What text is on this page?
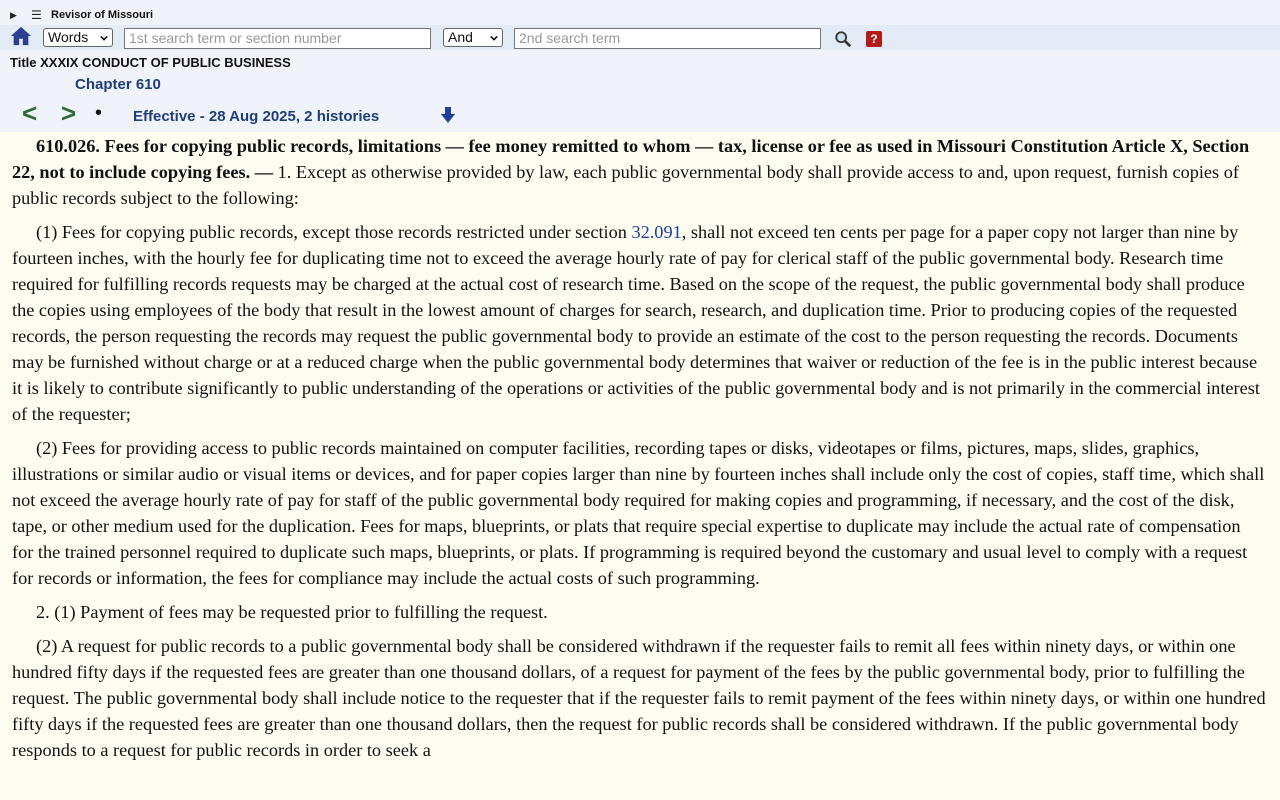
▶ ☰ Revisor of Missouri
Words	1st search term or section number	And	2nd search term	?
Title XXXIX CONDUCT OF PUBLIC BUSINESS
Chapter 610
< > • Effective - 28 Aug 2025, 2 histories

610.026. Fees for copying public records, limitations — fee money remitted to whom — tax, license or fee as used in Missouri Constitution Article X, Section 22, not to include copying fees. — 1. Except as otherwise provided by law, each public governmental body shall provide access to and, upon request, furnish copies of public records subject to the following:

(1) Fees for copying public records, except those records restricted under section 32.091, shall not exceed ten cents per page for a paper copy not larger than nine by fourteen inches, with the hourly fee for duplicating time not to exceed the average hourly rate of pay for clerical staff of the public governmental body. Research time required for fulfilling records requests may be charged at the actual cost of research time. Based on the scope of the request, the public governmental body shall produce the copies using employees of the body that result in the lowest amount of charges for search, research, and duplication time. Prior to producing copies of the requested records, the person requesting the records may request the public governmental body to provide an estimate of the cost to the person requesting the records. Documents may be furnished without charge or at a reduced charge when the public governmental body determines that waiver or reduction of the fee is in the public interest because it is likely to contribute significantly to public understanding of the operations or activities of the public governmental body and is not primarily in the commercial interest of the requester;

(2) Fees for providing access to public records maintained on computer facilities, recording tapes or disks, videotapes or films, pictures, maps, slides, graphics, illustrations or similar audio or visual items or devices, and for paper copies larger than nine by fourteen inches shall include only the cost of copies, staff time, which shall not exceed the average hourly rate of pay for staff of the public governmental body required for making copies and programming, if necessary, and the cost of the disk, tape, or other medium used for the duplication. Fees for maps, blueprints, or plats that require special expertise to duplicate may include the actual rate of compensation for the trained personnel required to duplicate such maps, blueprints, or plats. If programming is required beyond the customary and usual level to comply with a request for records or information, the fees for compliance may include the actual costs of such programming.

2. (1) Payment of fees may be requested prior to fulfilling the request.

(2) A request for public records to a public governmental body shall be considered withdrawn if the requester fails to remit all fees within ninety days, or within one hundred fifty days if the requested fees are greater than one thousand dollars, of a request for payment of the fees by the public governmental body, prior to fulfilling the request. The public governmental body shall include notice to the requester that if the requester fails to remit payment of the fees within ninety days, or within one hundred fifty days if the requested fees are greater than one thousand dollars, then the request for public records shall be considered withdrawn. If the public governmental body responds to a request for public records in order to seek a
